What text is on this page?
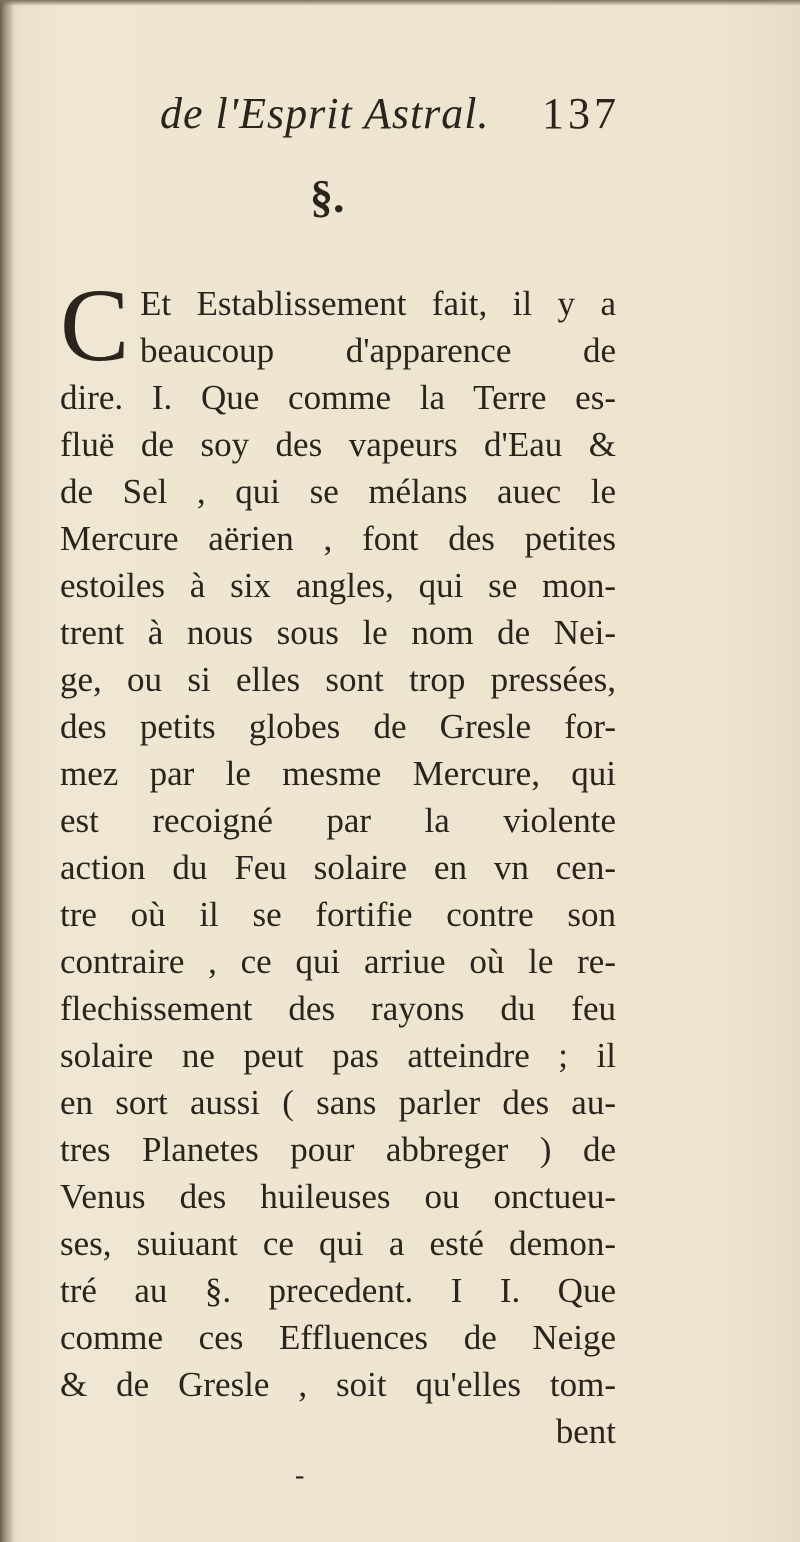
de l'Esprit Astral. 137
§.
C Et Establissement fait, il y a
beaucoup d'apparence de
dire. I. Que comme la Terre es-
fluë de soy des vapeurs d'Eau &
de Sel , qui se mélans auec le
Mercure aërien , font des petites
estoiles à six angles, qui se mon-
trent à nous sous le nom de Nei-
ge, ou si elles sont trop pressées,
des petits globes de Gresle for-
mez par le mesme Mercure, qui
est recoigné par la violente
action du Feu solaire en vn cen-
tre où il se fortifie contre son
contraire , ce qui arriue où le re-
flechissement des rayons du feu
solaire ne peut pas atteindre ; il
en sort aussi ( sans parler des au-
tres Planetes pour abbreger ) de
Venus des huileuses ou onctueu-
ses, suiuant ce qui a esté demon-
tré au §. precedent. I I. Que
comme ces Effluences de Neige
& de Gresle , soit qu'elles tom-
bent
-
